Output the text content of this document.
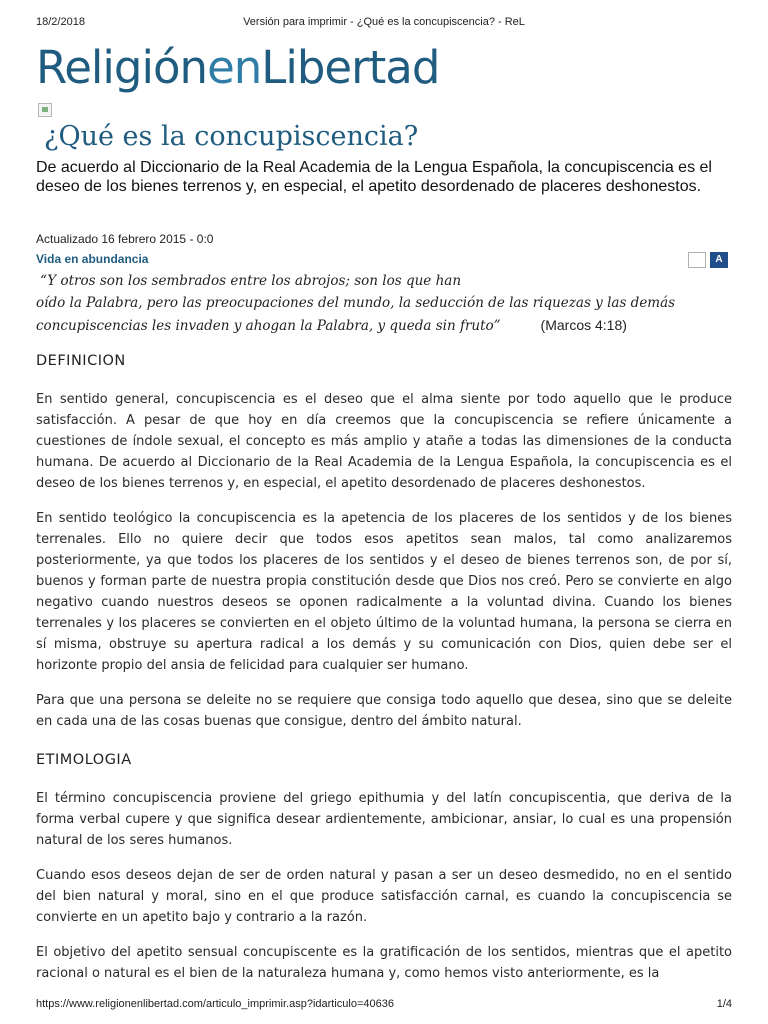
18/2/2018	Versión para imprimir - ¿Qué es la concupiscencia? - ReL
ReligiónenLibertad
¿Qué es la concupiscencia?

De acuerdo al Diccionario de la Real Academia de la Lengua Española, la concupiscencia es el deseo de los bienes terrenos y, en especial, el apetito desordenado de placeres deshonestos.

Actualizado 16 febrero 2015 - 0:0
Vida en abundancia	A

“Y otros son los sembrados entre los abrojos; son los que han
oído la Palabra, pero las preocupaciones del mundo, la seducción de las riquezas y las demás
concupiscencias les invaden y ahogan la Palabra, y queda sin fruto”	(Marcos 4:18)

DEFINICION

En sentido general, concupiscencia es el deseo que el alma siente por todo aquello que le produce satisfacción. A pesar de que hoy en día creemos que la concupiscencia se refiere únicamente a cuestiones de índole sexual, el concepto es más amplio y atañe a todas las dimensiones de la conducta humana. De acuerdo al Diccionario de la Real Academia de la Lengua Española, la concupiscencia es el deseo de los bienes terrenos y, en especial, el apetito desordenado de placeres deshonestos.

En sentido teológico la concupiscencia es la apetencia de los placeres de los sentidos y de los bienes terrenales. Ello no quiere decir que todos esos apetitos sean malos, tal como analizaremos posteriormente, ya que todos los placeres de los sentidos y el deseo de bienes terrenos son, de por sí, buenos y forman parte de nuestra propia constitución desde que Dios nos creó. Pero se convierte en algo negativo cuando nuestros deseos se oponen radicalmente a la voluntad divina. Cuando los bienes terrenales y los placeres se convierten en el objeto último de la voluntad humana, la persona se cierra en sí misma, obstruye su apertura radical a los demás y su comunicación con Dios, quien debe ser el horizonte propio del ansia de felicidad para cualquier ser humano.

Para que una persona se deleite no se requiere que consiga todo aquello que desea, sino que se deleite en cada una de las cosas buenas que consigue, dentro del ámbito natural.

ETIMOLOGIA

El término concupiscencia proviene del griego epithumia y del latín concupiscentia, que deriva de la forma verbal cupere y que significa desear ardientemente, ambicionar, ansiar, lo cual es una propensión natural de los seres humanos.

Cuando esos deseos dejan de ser de orden natural y pasan a ser un deseo desmedido, no en el sentido del bien natural y moral, sino en el que produce satisfacción carnal, es cuando la concupiscencia se convierte en un apetito bajo y contrario a la razón.

El objetivo del apetito sensual concupiscente es la gratificación de los sentidos, mientras que el apetito racional o natural es el bien de la naturaleza humana y, como hemos visto anteriormente, es la

https://www.religionenlibertad.com/articulo_imprimir.asp?idarticulo=40636	1/4
